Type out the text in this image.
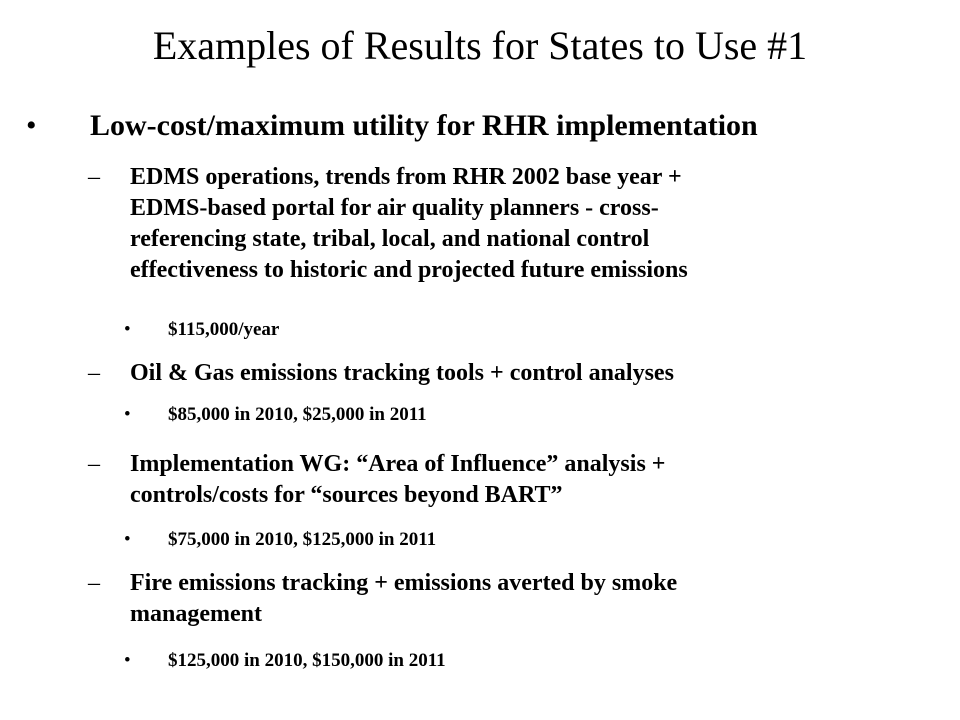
Examples of Results for States to Use #1
• Low-cost/maximum utility for RHR implementation
– EDMS operations, trends from RHR 2002 base year +
EDMS-based portal for air quality planners - cross-
referencing state, tribal, local, and national control
effectiveness to historic and projected future emissions
• $115,000/year
– Oil & Gas emissions tracking tools + control analyses
• $85,000 in 2010, $25,000 in 2011
– Implementation WG: “Area of Influence” analysis +
controls/costs for “sources beyond BART”
• $75,000 in 2010, $125,000 in 2011
– Fire emissions tracking + emissions averted by smoke
management
• $125,000 in 2010, $150,000 in 2011
